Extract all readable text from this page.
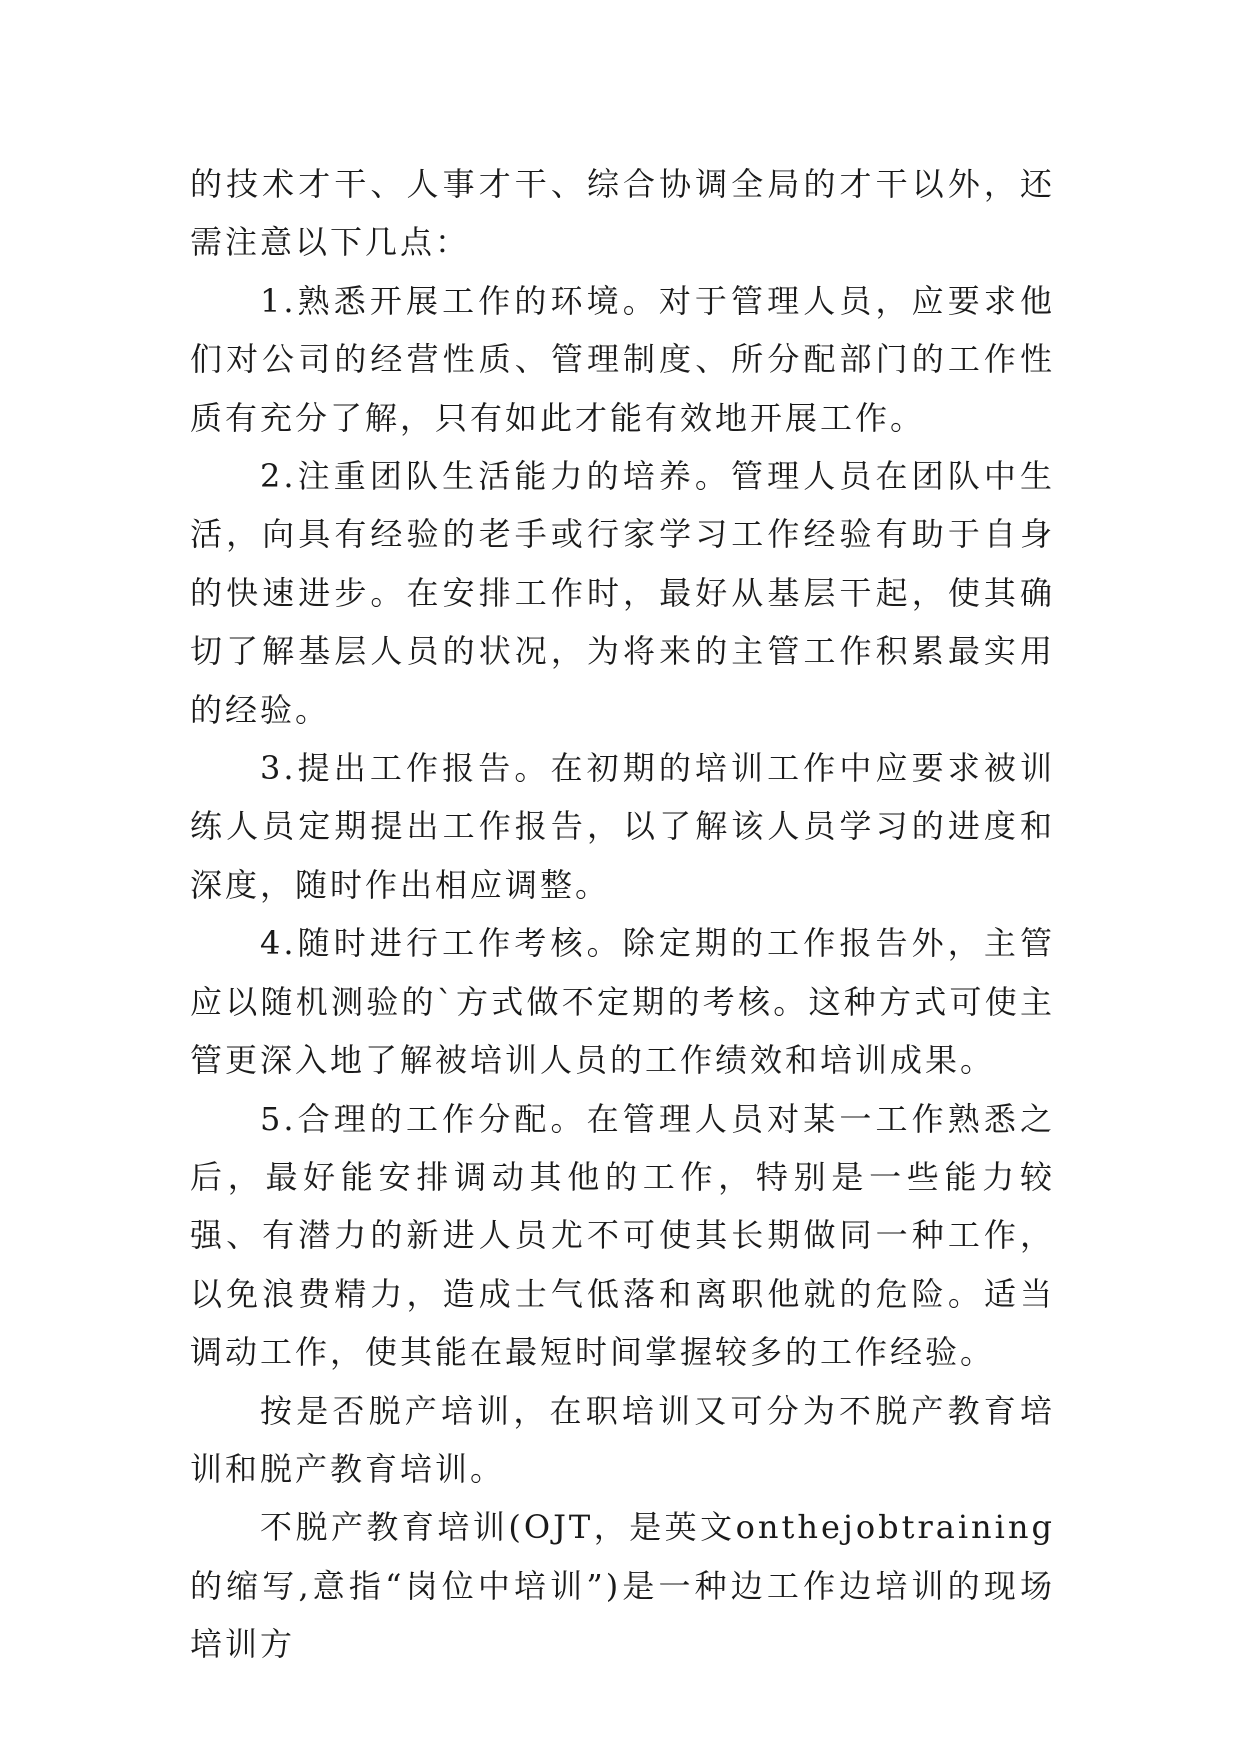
的技术才干、人事才干、综合协调全局的才干以外，还需注意以下几点：

1.熟悉开展工作的环境。对于管理人员，应要求他们对公司的经营性质、管理制度、所分配部门的工作性质有充分了解，只有如此才能有效地开展工作。

2.注重团队生活能力的培养。管理人员在团队中生活，向具有经验的老手或行家学习工作经验有助于自身的快速进步。在安排工作时，最好从基层干起，使其确切了解基层人员的状况，为将来的主管工作积累最实用的经验。

3.提出工作报告。在初期的培训工作中应要求被训练人员定期提出工作报告，以了解该人员学习的进度和深度，随时作出相应调整。

4.随时进行工作考核。除定期的工作报告外，主管应以随机测验的`方式做不定期的考核。这种方式可使主管更深入地了解被培训人员的工作绩效和培训成果。

5.合理的工作分配。在管理人员对某一工作熟悉之后，最好能安排调动其他的工作，特别是一些能力较强、有潜力的新进人员尤不可使其长期做同一种工作，以免浪费精力，造成士气低落和离职他就的危险。适当调动工作，使其能在最短时间掌握较多的工作经验。

按是否脱产培训，在职培训又可分为不脱产教育培训和脱产教育培训。

不脱产教育培训(OJT，是英文onthejobtraining的缩写,意指“岗位中培训”)是一种边工作边培训的现场培训方
